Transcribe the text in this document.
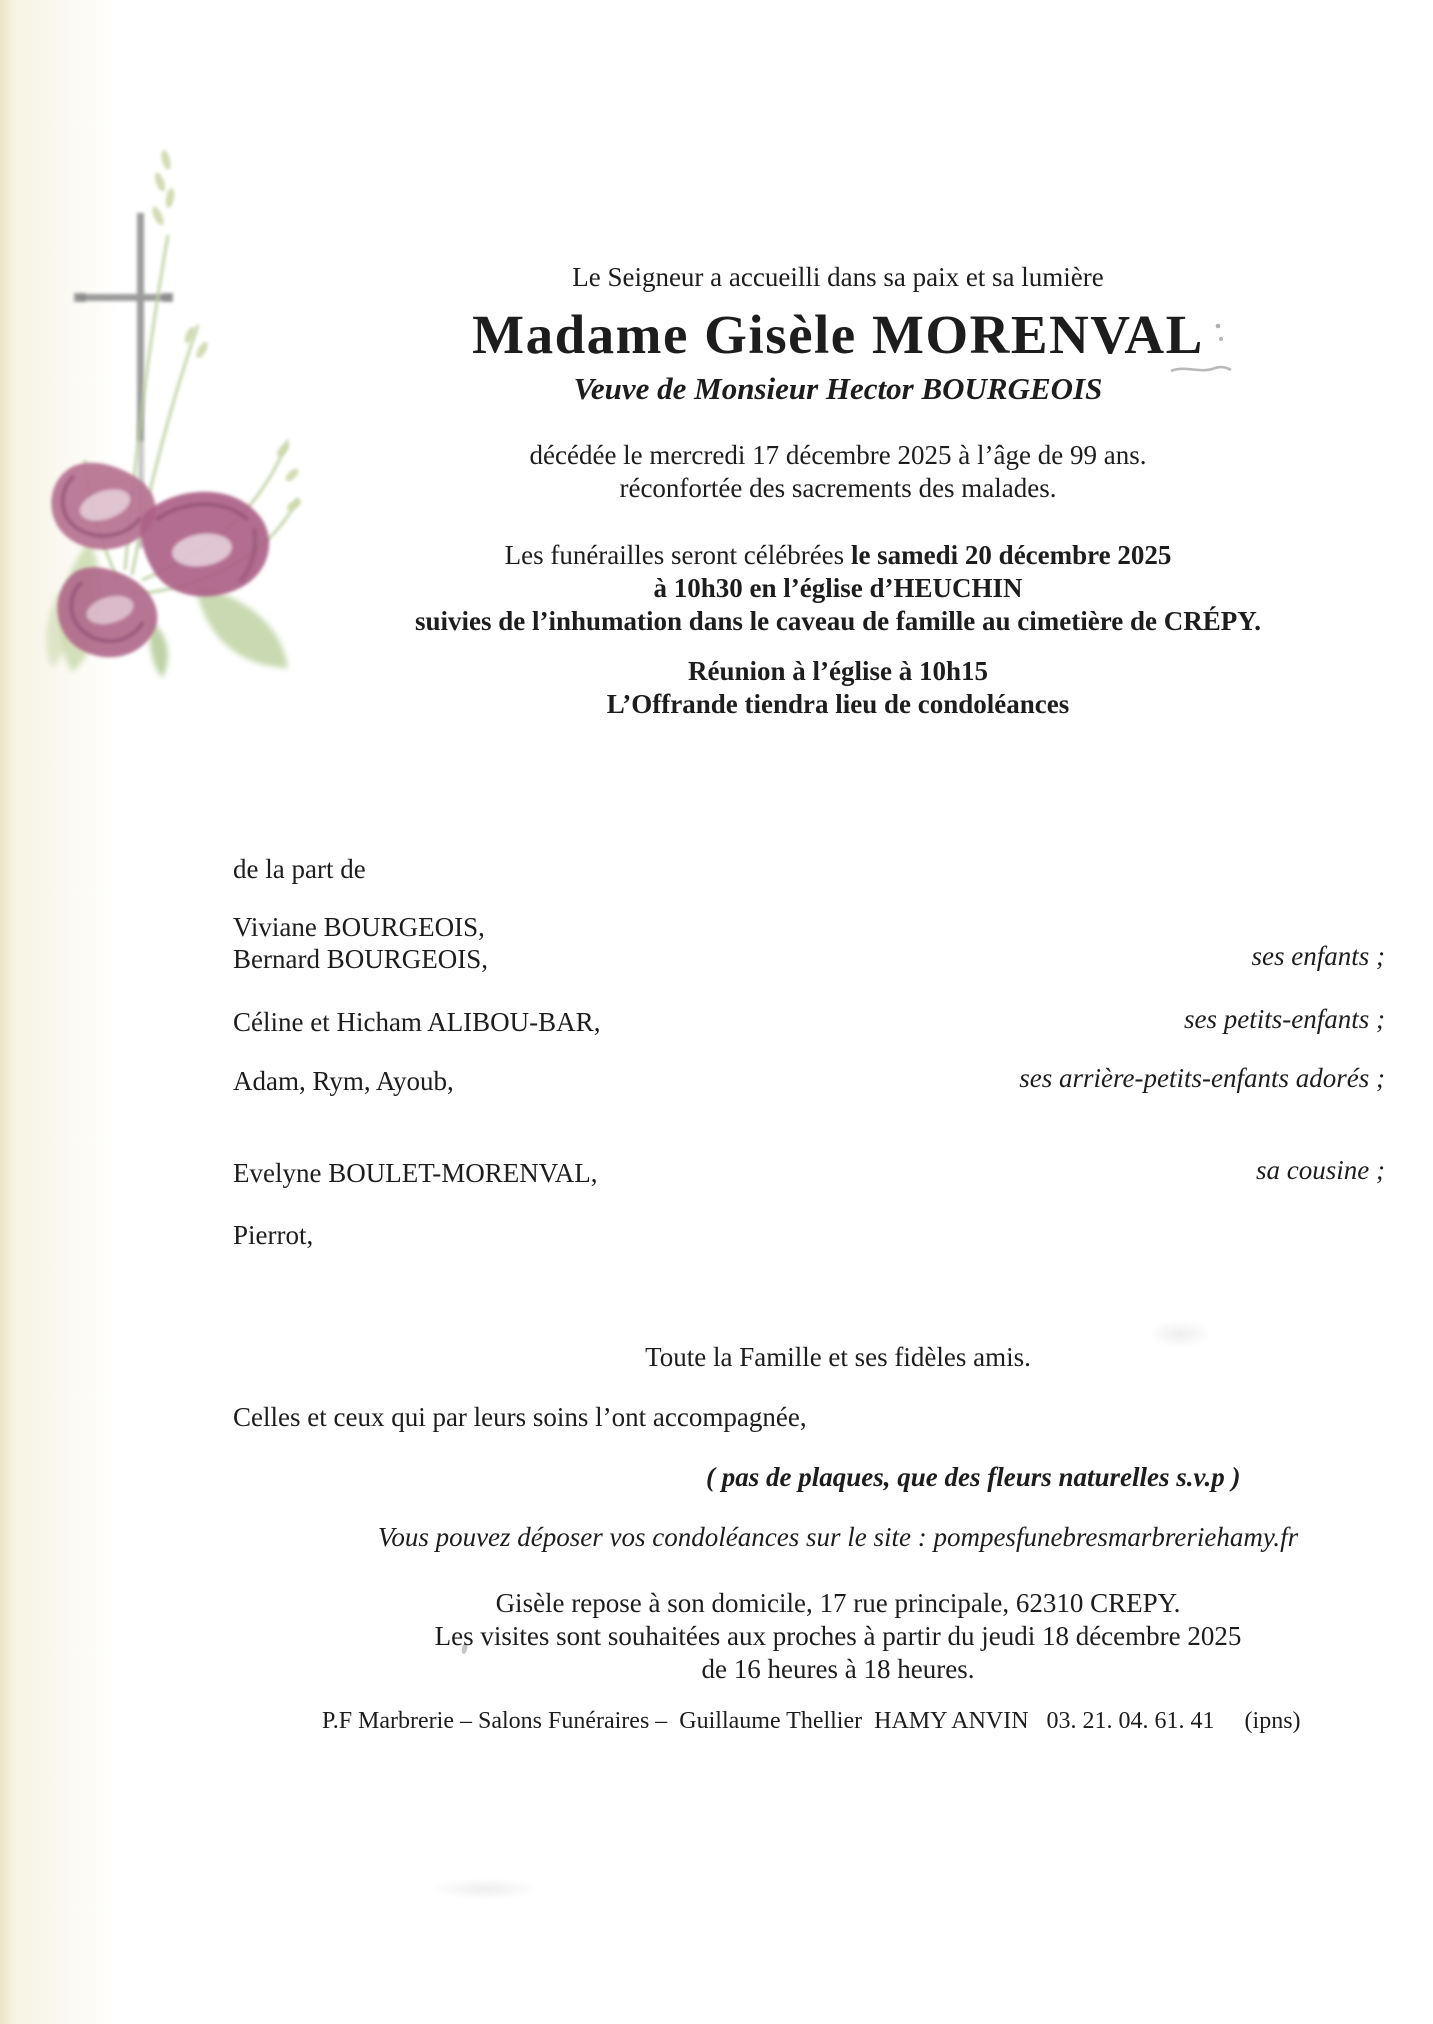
Le Seigneur a accueilli dans sa paix et sa lumière
Madame Gisèle MORENVAL
Veuve de Monsieur Hector BOURGEOIS
décédée le mercredi 17 décembre 2025 à l’âge de 99 ans.
réconfortée des sacrements des malades.
Les funérailles seront célébrées le samedi 20 décembre 2025
à 10h30 en l’église d’HEUCHIN
suivies de l’inhumation dans le caveau de famille au cimetière de CRÉPY.
Réunion à l’église à 10h15
L’Offrande tiendra lieu de condoléances
de la part de
Viviane BOURGEOIS,
Bernard BOURGEOIS,	ses enfants ;
Céline et Hicham ALIBOU-BAR,	ses petits-enfants ;
Adam, Rym, Ayoub,	ses arrière-petits-enfants adorés ;
Evelyne BOULET-MORENVAL,	sa cousine ;
Pierrot,
Toute la Famille et ses fidèles amis.
Celles et ceux qui par leurs soins l’ont accompagnée,
( pas de plaques, que des fleurs naturelles s.v.p )
Vous pouvez déposer vos condoléances sur le site : pompesfunebresmarbreriehamy.fr
Gisèle repose à son domicile, 17 rue principale, 62310 CREPY.
Les visites sont souhaitées aux proches à partir du jeudi 18 décembre 2025
de 16 heures à 18 heures.
P.F Marbrerie – Salons Funéraires –  Guillaume Thellier  HAMY ANVIN   03. 21. 04. 61. 41     (ipns)
